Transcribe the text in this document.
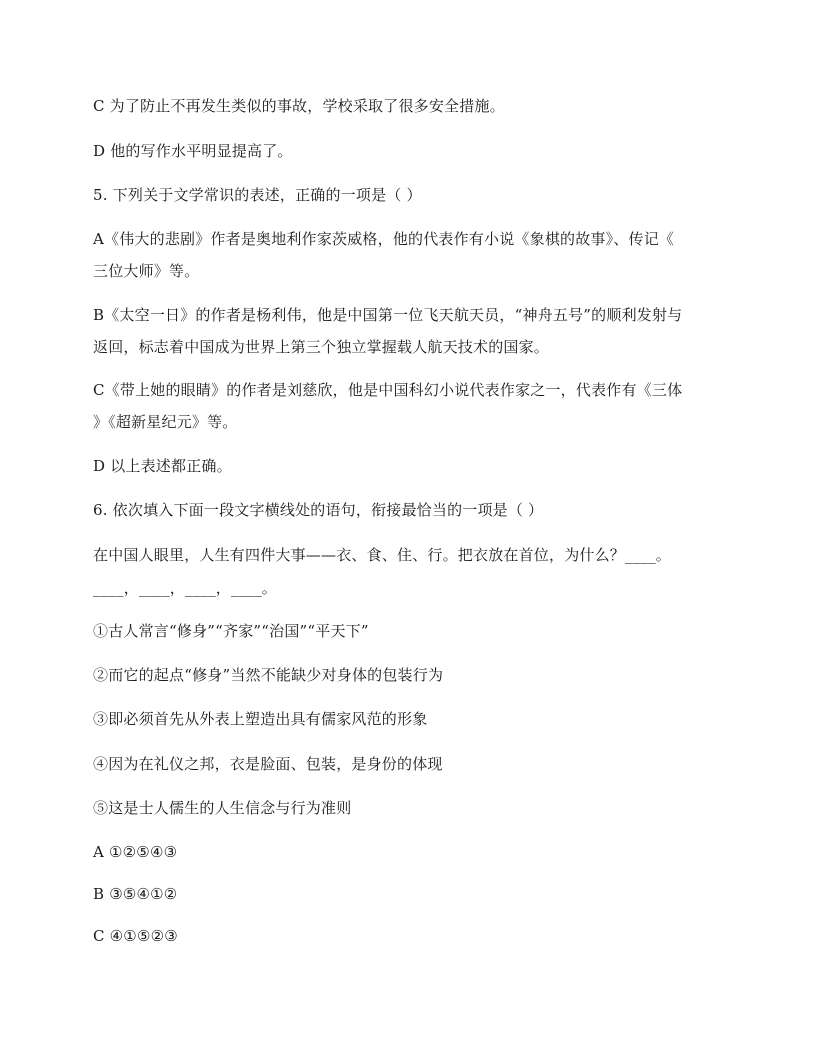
C 为了防止不再发生类似的事故，学校采取了很多安全措施。
D 他的写作水平明显提高了。
5. 下列关于文学常识的表述，正确的一项是（ ）
A《伟大的悲剧》作者是奥地利作家茨威格，他的代表作有小说《象棋的故事》、传记《
三位大师》等。
B《太空一日》的作者是杨利伟，他是中国第一位飞天航天员，“神舟五号”的顺利发射与
返回，标志着中国成为世界上第三个独立掌握载人航天技术的国家。
C《带上她的眼睛》的作者是刘慈欣，他是中国科幻小说代表作家之一，代表作有《三体
》《超新星纪元》等。
D 以上表述都正确。
6. 依次填入下面一段文字横线处的语句，衔接最恰当的一项是（ ）
在中国人眼里，人生有四件大事——衣、食、住、行。把衣放在首位，为什么？____。
____，____，____，____。
①古人常言“修身”“齐家”“治国”“平天下”
②而它的起点“修身”当然不能缺少对身体的包装行为
③即必须首先从外表上塑造出具有儒家风范的形象
④因为在礼仪之邦，衣是脸面、包装，是身份的体现
⑤这是士人儒生的人生信念与行为准则
A ①②⑤④③
B ③⑤④①②
C ④①⑤②③
